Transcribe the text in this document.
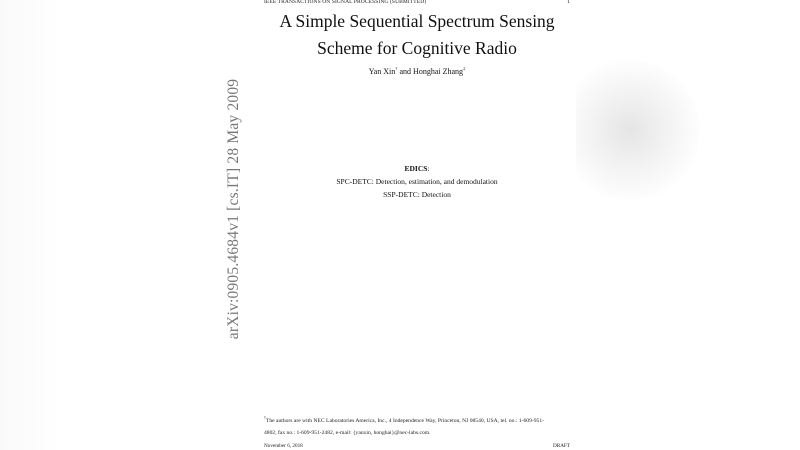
IEEE TRANSACTIONS ON SIGNAL PROCESSING (SUBMITTED)	1
A Simple Sequential Spectrum Sensing
Scheme for Cognitive Radio
Yan Xin† and Honghai Zhang‡
EDICS:
SPC-DETC: Detection, estimation, and demodulation
SSP-DETC: Detection
†The authors are with NEC Laboratories America, Inc., 4 Independence Way, Princeton, NJ 08540, USA, tel. no.: 1-609-951-
4802, fax no.: 1-609-951-2482, e-mail: {yanxin, honghai}@nec-labs.com.
November 6, 2018	DRAFT
arXiv:0905.4684v1 [cs.IT] 28 May 2009
